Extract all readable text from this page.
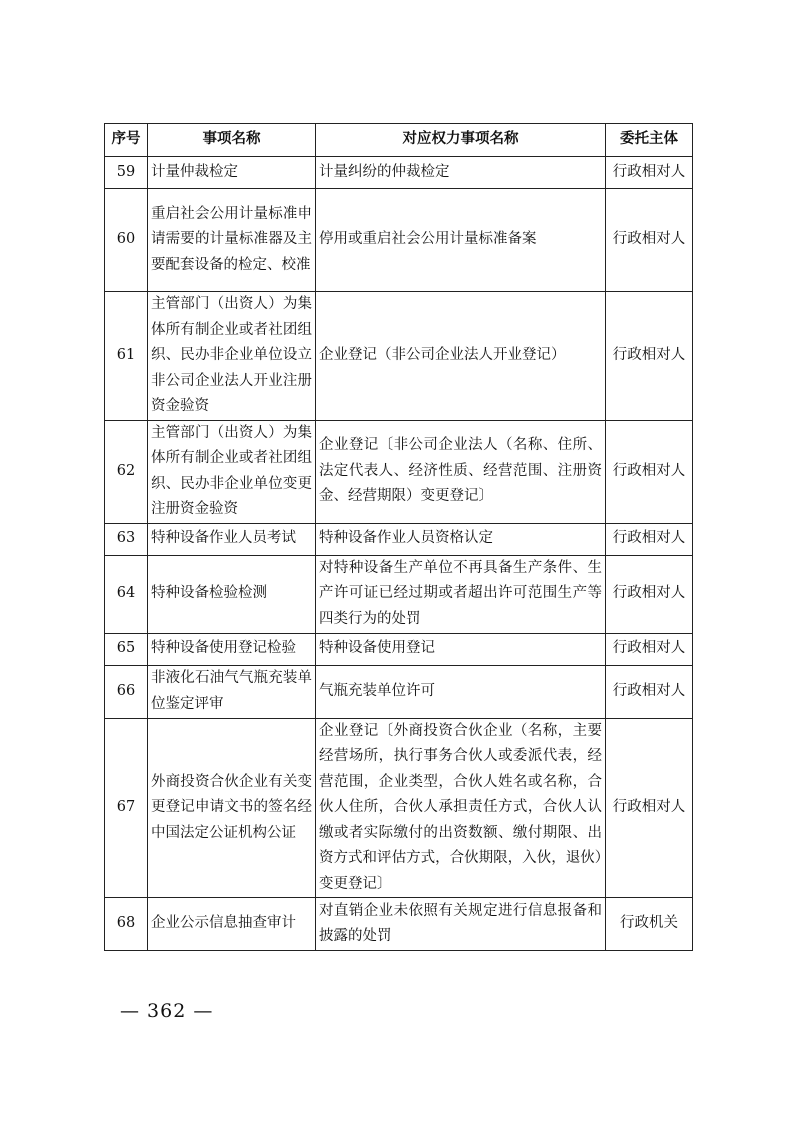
序号	事项名称	对应权力事项名称	委托主体
59	计量仲裁检定	计量纠纷的仲裁检定	行政相对人
60	重启社会公用计量标准申请需要的计量标准器及主要配套设备的检定、校准	停用或重启社会公用计量标准备案	行政相对人
61	主管部门（出资人）为集体所有制企业或者社团组织、民办非企业单位设立非公司企业法人开业注册资金验资	企业登记（非公司企业法人开业登记）	行政相对人
62	主管部门（出资人）为集体所有制企业或者社团组织、民办非企业单位变更注册资金验资	企业登记〔非公司企业法人（名称、住所、法定代表人、经济性质、经营范围、注册资金、经营期限）变更登记〕	行政相对人
63	特种设备作业人员考试	特种设备作业人员资格认定	行政相对人
64	特种设备检验检测	对特种设备生产单位不再具备生产条件、生产许可证已经过期或者超出许可范围生产等四类行为的处罚	行政相对人
65	特种设备使用登记检验	特种设备使用登记	行政相对人
66	非液化石油气气瓶充装单位鉴定评审	气瓶充装单位许可	行政相对人
67	外商投资合伙企业有关变更登记申请文书的签名经中国法定公证机构公证	企业登记〔外商投资合伙企业（名称，主要经营场所，执行事务合伙人或委派代表，经营范围，企业类型，合伙人姓名或名称，合伙人住所，合伙人承担责任方式，合伙人认缴或者实际缴付的出资数额、缴付期限、出资方式和评估方式，合伙期限，入伙，退伙）变更登记〕	行政相对人
68	企业公示信息抽查审计	对直销企业未依照有关规定进行信息报备和披露的处罚	行政机关
— 362 —
